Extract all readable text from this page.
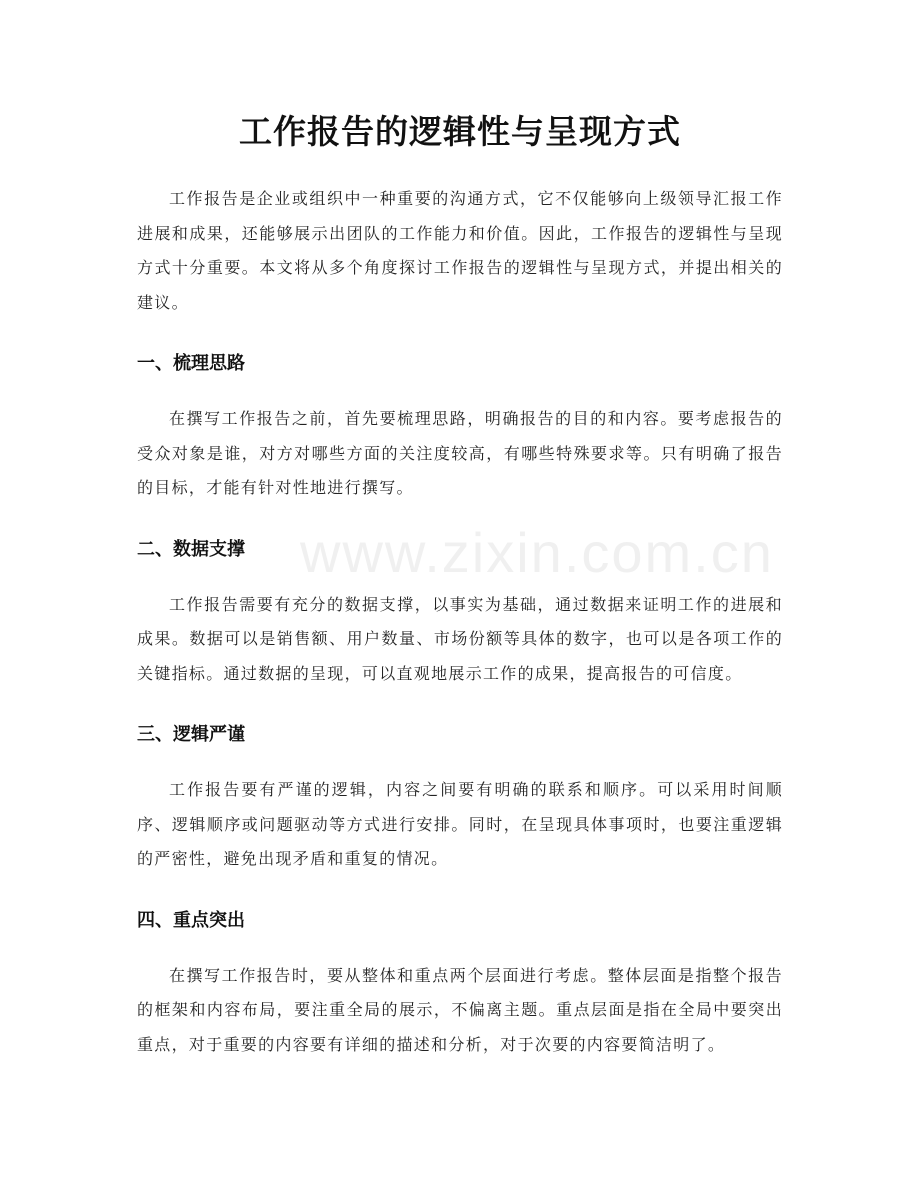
工作报告的逻辑性与呈现方式

工作报告是企业或组织中一种重要的沟通方式，它不仅能够向上级领导汇报工作进展和成果，还能够展示出团队的工作能力和价值。因此，工作报告的逻辑性与呈现方式十分重要。本文将从多个角度探讨工作报告的逻辑性与呈现方式，并提出相关的建议。

一、梳理思路

在撰写工作报告之前，首先要梳理思路，明确报告的目的和内容。要考虑报告的受众对象是谁，对方对哪些方面的关注度较高，有哪些特殊要求等。只有明确了报告的目标，才能有针对性地进行撰写。

二、数据支撑

工作报告需要有充分的数据支撑，以事实为基础，通过数据来证明工作的进展和成果。数据可以是销售额、用户数量、市场份额等具体的数字，也可以是各项工作的关键指标。通过数据的呈现，可以直观地展示工作的成果，提高报告的可信度。

三、逻辑严谨

工作报告要有严谨的逻辑，内容之间要有明确的联系和顺序。可以采用时间顺序、逻辑顺序或问题驱动等方式进行安排。同时，在呈现具体事项时，也要注重逻辑的严密性，避免出现矛盾和重复的情况。

四、重点突出

在撰写工作报告时，要从整体和重点两个层面进行考虑。整体层面是指整个报告的框架和内容布局，要注重全局的展示，不偏离主题。重点层面是指在全局中要突出重点，对于重要的内容要有详细的描述和分析，对于次要的内容要简洁明了。

www.zixin.com.cn
